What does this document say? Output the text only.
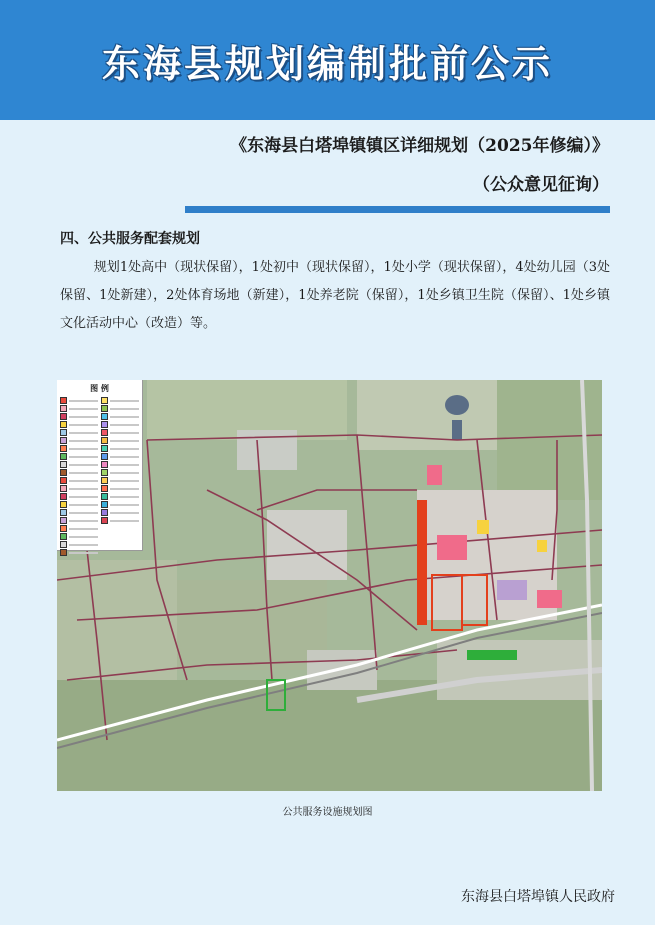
东海县规划编制批前公示
《东海县白塔埠镇镇区详细规划（2025年修编）》
（公众意见征询）
四、公共服务配套规划
规划1处高中（现状保留），1处初中（现状保留），1处小学（现状保留），4处幼儿园（3处保留、1处新建），2处体育场地（新建），1处养老院（保留），1处乡镇卫生院（保留）、1处乡镇文化活动中心（改造）等。
图 例
公共服务设施规划图
东海县白塔埠镇人民政府
